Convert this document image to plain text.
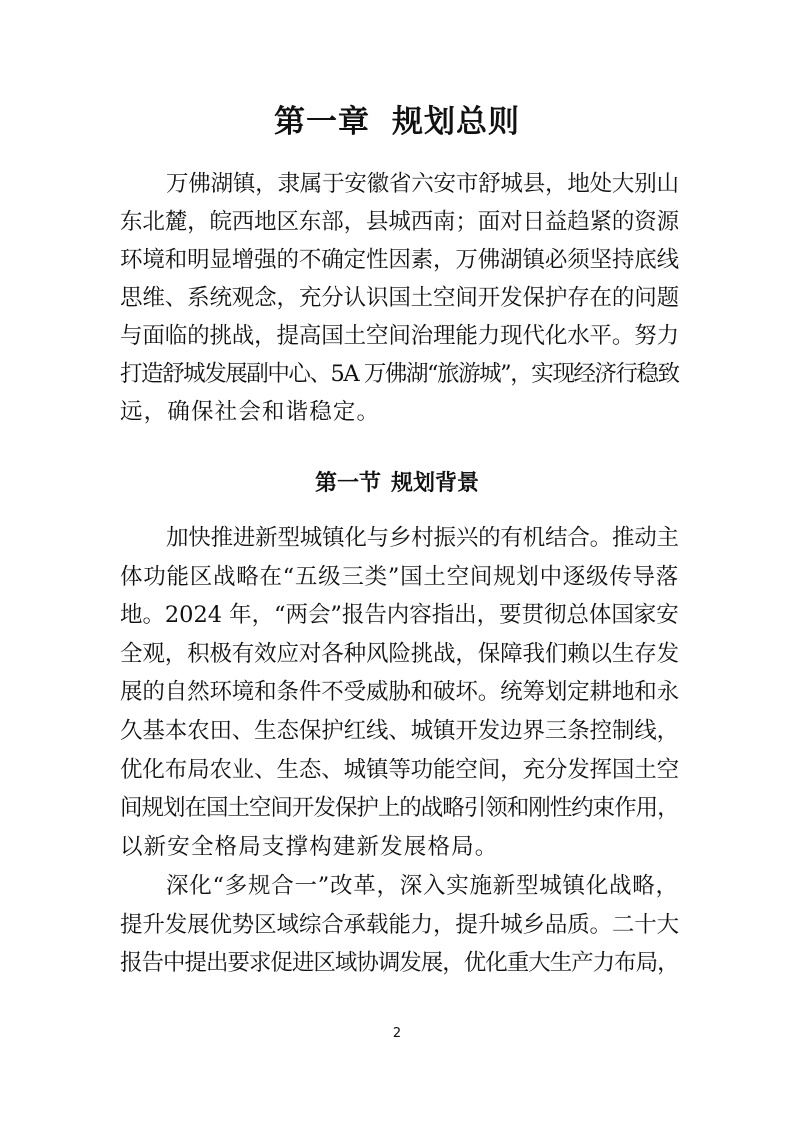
第一章 规划总则
万佛湖镇，隶属于安徽省六安市舒城县，地处大别山
东北麓，皖西地区东部，县城西南；面对日益趋紧的资源
环境和明显增强的不确定性因素，万佛湖镇必须坚持底线
思维、系统观念，充分认识国土空间开发保护存在的问题
与面临的挑战，提高国土空间治理能力现代化水平。努力
打造舒城发展副中心、5A 万佛湖“旅游城”，实现经济行稳致
远，确保社会和谐稳定。
第一节 规划背景
加快推进新型城镇化与乡村振兴的有机结合。推动主
体功能区战略在“五级三类”国土空间规划中逐级传导落
地。2024 年，“两会”报告内容指出，要贯彻总体国家安
全观，积极有效应对各种风险挑战，保障我们赖以生存发
展的自然环境和条件不受威胁和破坏。统筹划定耕地和永
久基本农田、生态保护红线、城镇开发边界三条控制线，
优化布局农业、生态、城镇等功能空间，充分发挥国土空
间规划在国土空间开发保护上的战略引领和刚性约束作用，
以新安全格局支撑构建新发展格局。
深化“多规合一”改革，深入实施新型城镇化战略，
提升发展优势区域综合承载能力，提升城乡品质。二十大
报告中提出要求促进区域协调发展，优化重大生产力布局，
2
